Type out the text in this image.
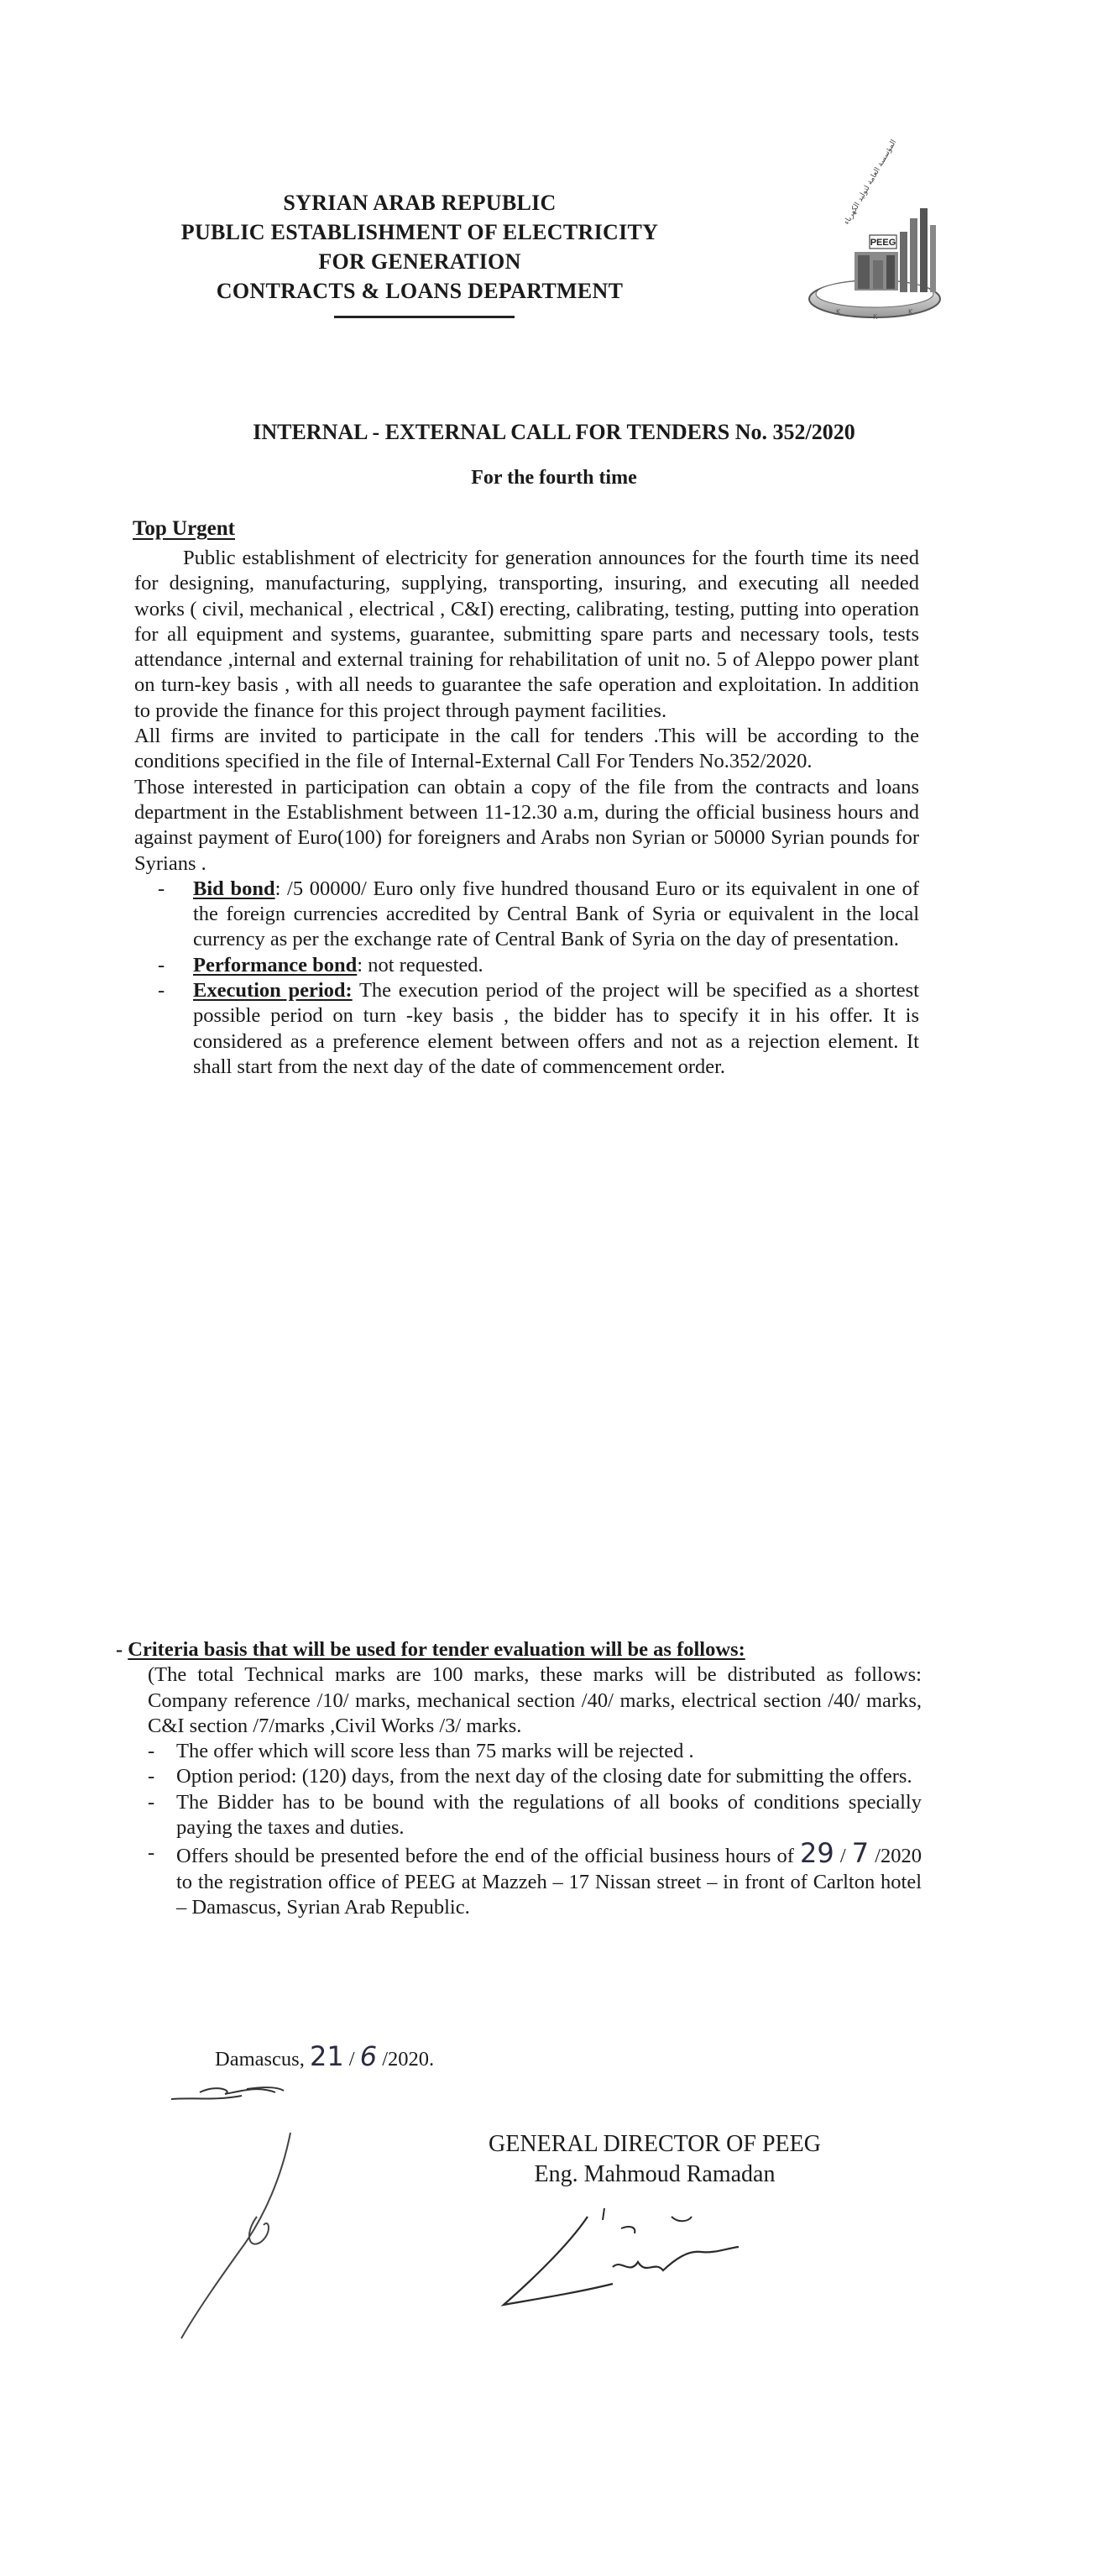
SYRIAN ARAB REPUBLIC
PUBLIC ESTABLISHMENT OF ELECTRICITY
FOR GENERATION
CONTRACTS & LOANS DEPARTMENT
PEEG
المؤسسة العامة لتوليد الكهرباء
K
K
K
INTERNAL - EXTERNAL CALL FOR TENDERS No. 352/2020
For the fourth time
Top Urgent

Public establishment of electricity for generation announces for the fourth time its need for designing, manufacturing, supplying, transporting, insuring, and executing all needed works ( civil, mechanical , electrical , C&I) erecting, calibrating, testing, putting into operation for all equipment and systems, guarantee, submitting spare parts and necessary tools, tests attendance ,internal and external training for rehabilitation of unit no. 5 of Aleppo power plant on turn-key basis , with all needs to guarantee the safe operation and exploitation. In addition to provide the finance for this project through payment facilities.

All firms are invited to participate in the call for tenders .This will be according to the conditions specified in the file of Internal-External Call For Tenders No.352/2020.

Those interested in participation can obtain a copy of the file from the contracts and loans department in the Establishment between 11-12.30 a.m, during the official business hours and against payment of Euro(100) for foreigners and Arabs non Syrian or 50000 Syrian pounds for Syrians .

- Bid bond: /5 00000/ Euro only five hundred thousand Euro or its equivalent in one of the foreign currencies accredited by Central Bank of Syria or equivalent in the local currency as per the exchange rate of Central Bank of Syria on the day of presentation.
- Performance bond: not requested.
- Execution period: The execution period of the project will be specified as a shortest possible period on turn -key basis , the bidder has to specify it in his offer. It is considered as a preference element between offers and not as a rejection element. It shall start from the next day of the date of commencement order.
- Criteria basis that will be used for tender evaluation will be as follows:

(The total Technical marks are 100 marks, these marks will be distributed as follows: Company reference /10/ marks, mechanical section /40/ marks, electrical section /40/ marks, C&I section /7/marks ,Civil Works /3/ marks.

- The offer which will score less than 75 marks will be rejected .
- Option period: (120) days, from the next day of the closing date for submitting the offers.
- The Bidder has to be bound with the regulations of all books of conditions specially paying the taxes and duties.
- Offers should be presented before the end of the official business hours of 29 / 7 /2020 to the registration office of PEEG at Mazzeh – 17 Nissan street – in front of Carlton hotel – Damascus, Syrian Arab Republic.
Damascus, 21 / 6 /2020.
GENERAL DIRECTOR OF PEEG
Eng. Mahmoud Ramadan
